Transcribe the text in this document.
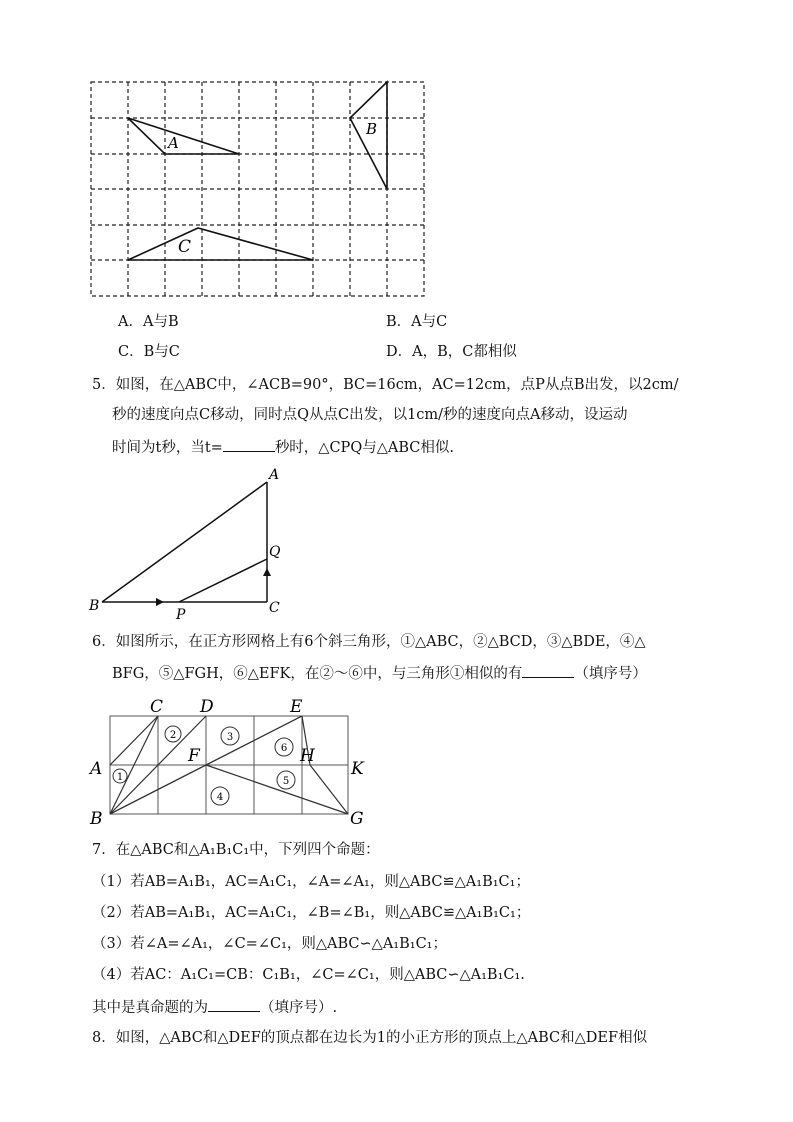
A
B
C
A．A与B	B．A与C
C．B与C	D．A，B，C都相似
5．如图，在△ABC中，∠ACB=90°，BC=16cm，AC=12cm，点P从点B出发，以2cm/
秒的速度向点C移动，同时点Q从点C出发，以1cm/秒的速度向点A移动，设运动
时间为t秒，当t=	秒时，△CPQ与△ABC相似.
A
Q
B
P	C
6．如图所示，在正方形网格上有6个斜三角形，①△ABC，②△BCD，③△BDE，④△
BFG，⑤△FGH，⑥△EFK，在②～⑥中，与三角形①相似的有	（填序号）
1
2	3
4
5
6
C D	E
A
F	H
K
B	G
7．在△ABC和△A₁B₁C₁中，下列四个命题：
（1）若AB=A₁B₁，AC=A₁C₁，∠A=∠A₁，则△ABC≌△A₁B₁C₁；
（2）若AB=A₁B₁，AC=A₁C₁，∠B=∠B₁，则△ABC≌△A₁B₁C₁；
（3）若∠A=∠A₁，∠C=∠C₁，则△ABC∽△A₁B₁C₁；
（4）若AC：A₁C₁=CB：C₁B₁，∠C=∠C₁，则△ABC∽△A₁B₁C₁.
其中是真命题的为	（填序号）.
8．如图，△ABC和△DEF的顶点都在边长为1的小正方形的顶点上△ABC和△DEF相似
